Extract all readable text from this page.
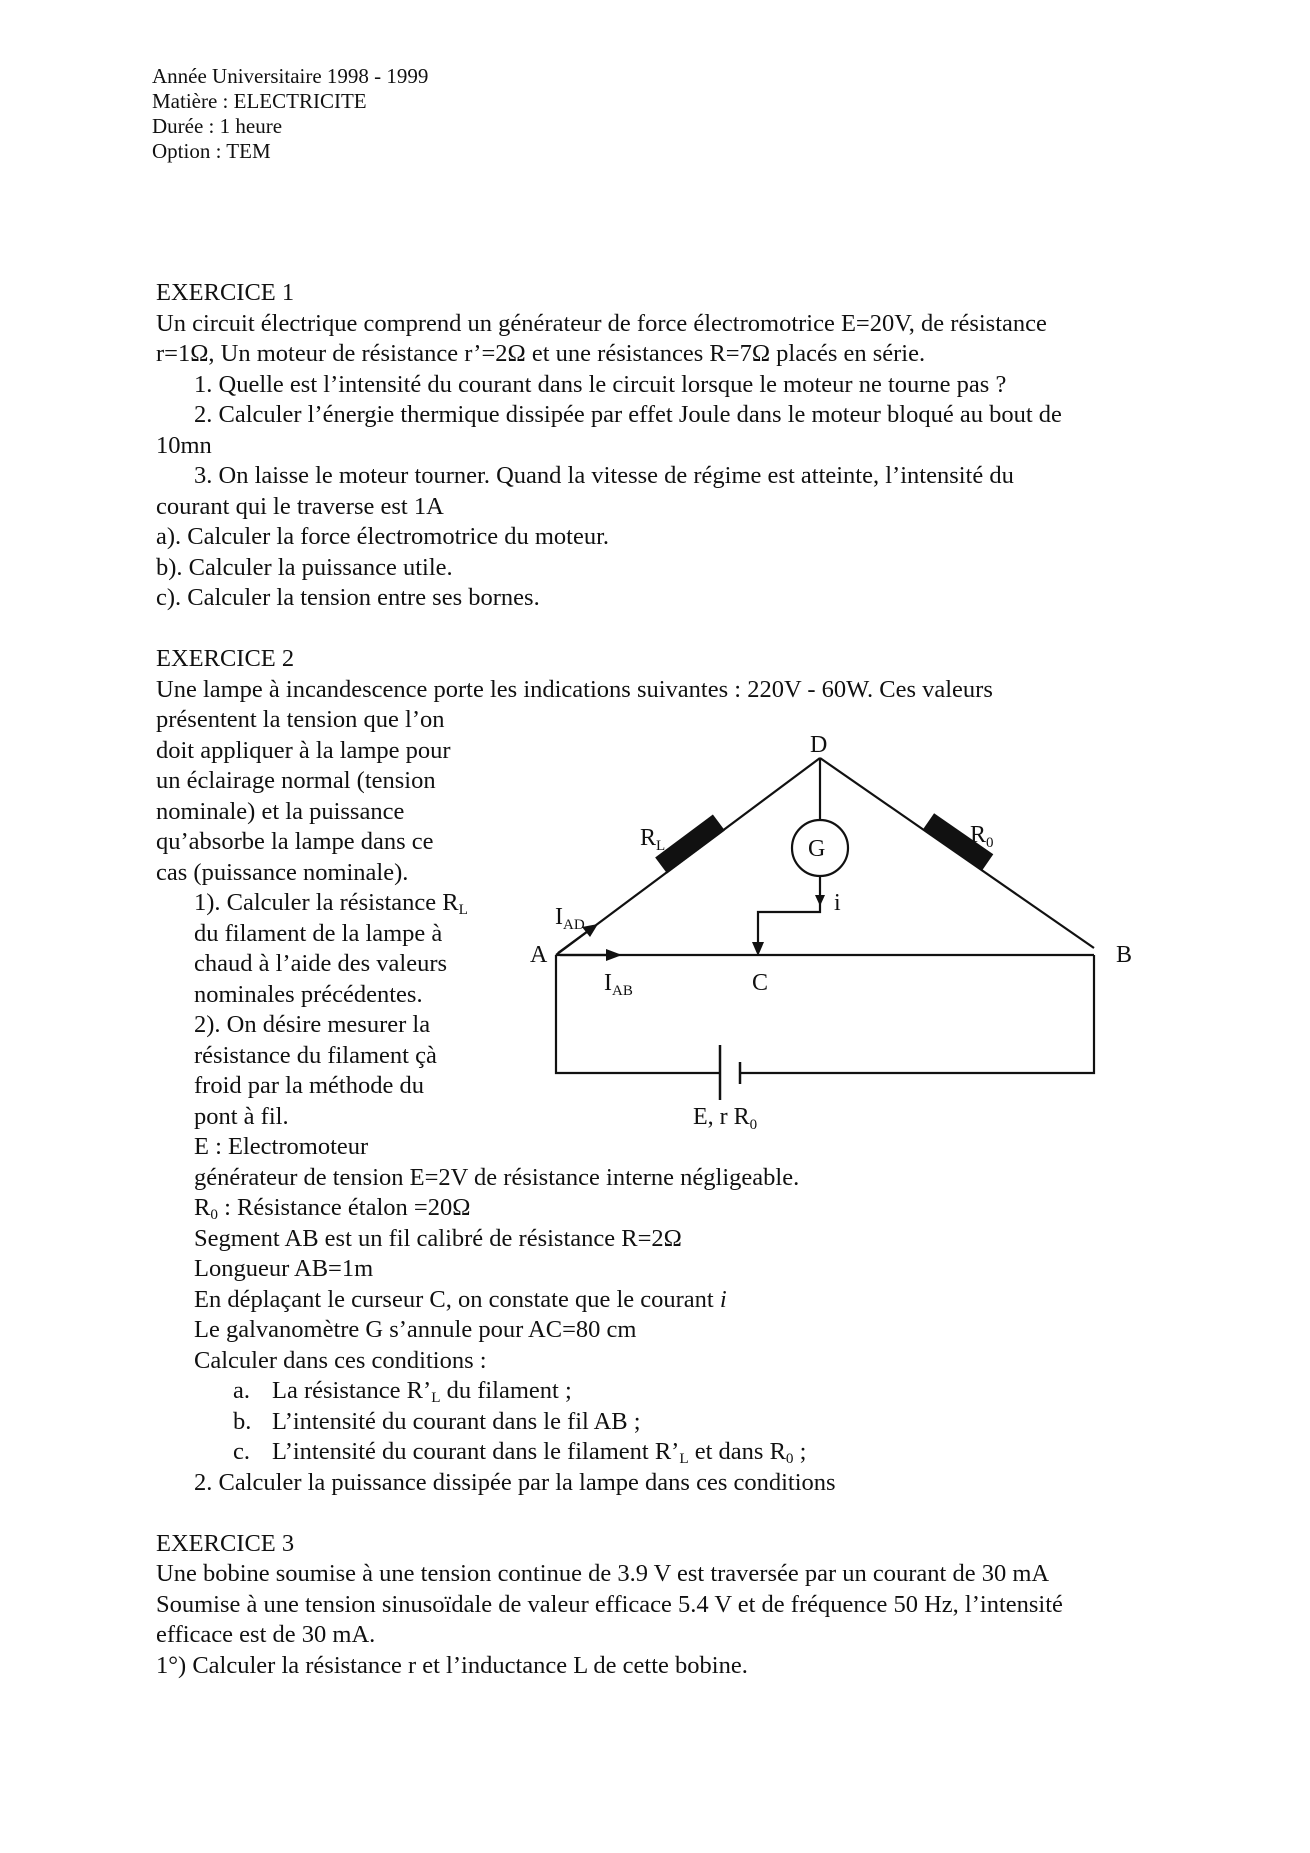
Année Universitaire 1998 - 1999
Matière : ELECTRICITE
Durée : 1 heure
Option : TEM
EXERCICE 1
Un circuit électrique comprend un générateur de force électromotrice E=20V, de résistance
r=1Ω, Un moteur de résistance r’=2Ω et une résistances R=7Ω placés en série.
1. Quelle est l’intensité du courant dans le circuit lorsque le moteur ne tourne pas ?
2. Calculer l’énergie thermique dissipée par effet Joule dans le moteur bloqué au bout de
10mn
3. On laisse le moteur tourner. Quand la vitesse de régime est atteinte, l’intensité du
courant qui le traverse est 1A
a). Calculer la force électromotrice du moteur.
b). Calculer la puissance utile.
c). Calculer la tension entre ses bornes.
EXERCICE 2
Une lampe à incandescence porte les indications suivantes : 220V - 60W. Ces valeurs
présentent la tension que l’on
doit appliquer à la lampe pour
un éclairage normal (tension
nominale) et la puissance
qu’absorbe la lampe dans ce
cas (puissance nominale).
1). Calculer la résistance $R_L$
du filament de la lampe à
chaud à l’aide des valeurs
nominales précédentes.
2). On désire mesurer la
résistance du filament çà
froid par la méthode du
pont à fil.
E : Electromoteur
générateur de tension E=2V de résistance interne négligeable.
$R_0$ : Résistance étalon =20Ω
Segment AB est un fil calibré de résistance R=2Ω
Longueur AB=1m
En déplaçant le curseur C, on constate que le courant i
Le galvanomètre G s’annule pour AC=80 cm
Calculer dans ces conditions :
a. La résistance $R’_L$ du filament ;
b. L’intensité du courant dans le fil AB ;
c. L’intensité du courant dans le filament $R’_L$ et dans $R_0$ ;
2. Calculer la puissance dissipée par la lampe dans ces conditions
EXERCICE 3
Une bobine soumise à une tension continue de 3.9 V est traversée par un courant de 30 mA
Soumise à une tension sinusoïdale de valeur efficace 5.4 V et de fréquence 50 Hz, l’intensité
efficace est de 30 mA.
1°) Calculer la résistance r et l’inductance L de cette bobine.
D
A	B
C
G
i
$R_L$	$R_0$
$I_{AD}$
$I_{AB}$
E, r $R_0$
